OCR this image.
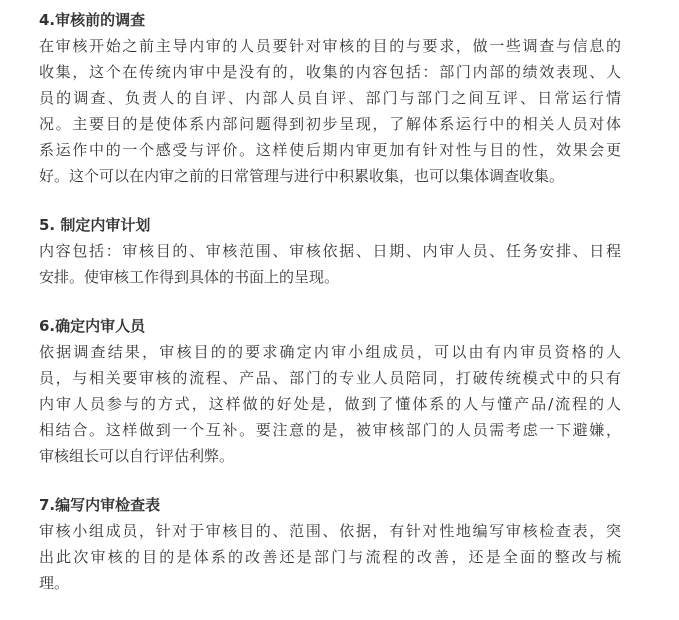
4.审核前的调查

在审核开始之前主导内审的人员要针对审核的目的与要求，做一些调查与信息的
收集，这个在传统内审中是没有的，收集的内容包括：部门内部的绩效表现、人
员的调查、负责人的自评、内部人员自评、部门与部门之间互评、日常运行情
况。主要目的是使体系内部问题得到初步呈现，了解体系运行中的相关人员对体
系运作中的一个感受与评价。这样使后期内审更加有针对性与目的性，效果会更
好。这个可以在内审之前的日常管理与进行中积累收集，也可以集体调查收集。

5. 制定内审计划

内容包括：审核目的、审核范围、审核依据、日期、内审人员、任务安排、日程
安排。使审核工作得到具体的书面上的呈现。

6.确定内审人员

依据调查结果，审核目的的要求确定内审小组成员，可以由有内审员资格的人
员，与相关要审核的流程、产品、部门的专业人员陪同，打破传统模式中的只有
内审人员参与的方式，这样做的好处是，做到了懂体系的人与懂产品/流程的人
相结合。这样做到一个互补。要注意的是，被审核部门的人员需考虑一下避嫌，
审核组长可以自行评估利弊。

7.编写内审检查表

审核小组成员，针对于审核目的、范围、依据，有针对性地编写审核检查表，突
出此次审核的目的是体系的改善还是部门与流程的改善，还是全面的整改与梳
理。
